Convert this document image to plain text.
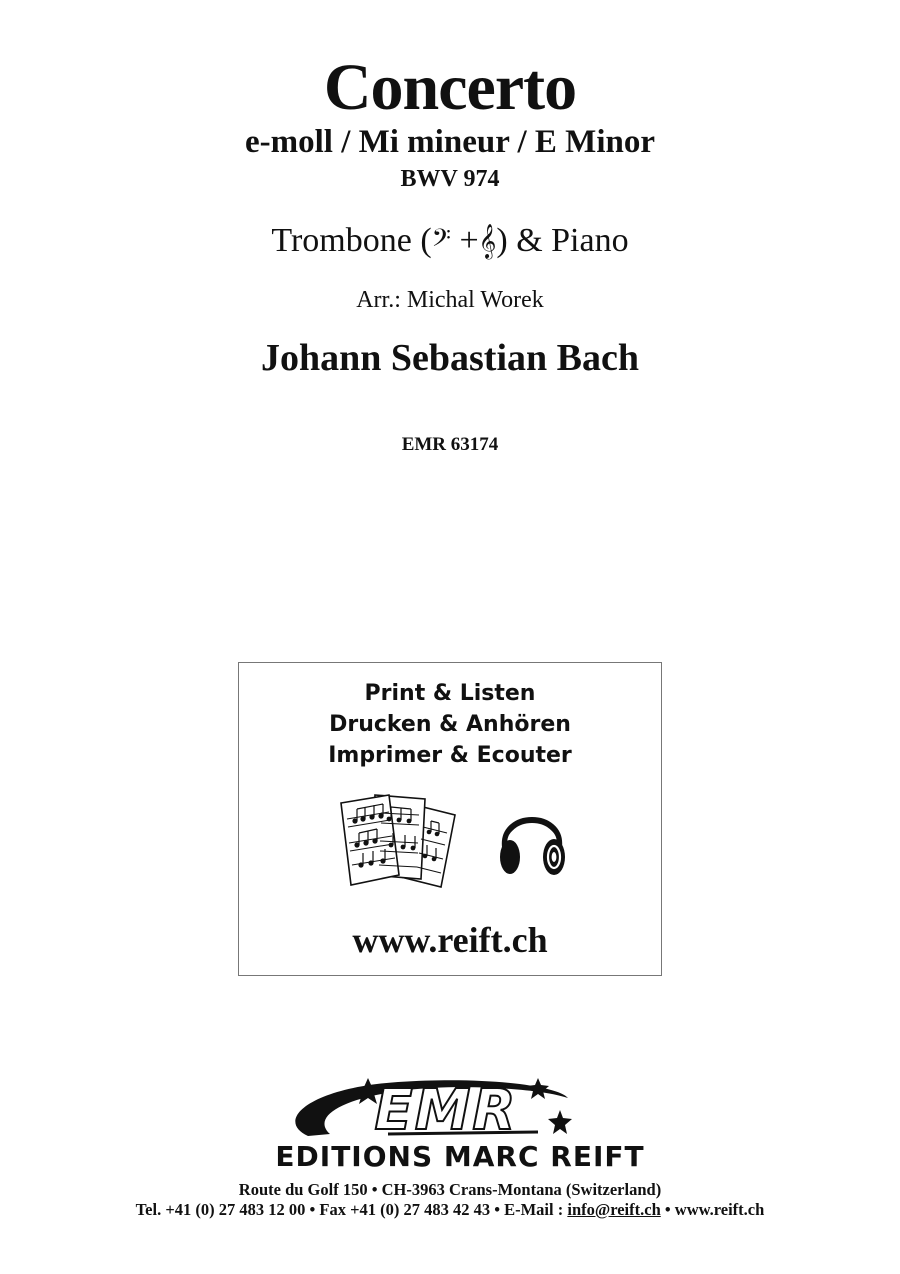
Concerto
e-moll / Mi mineur / E Minor
BWV 974
Trombone (𝄢 +𝄞) & Piano
Arr.: Michal Worek
Johann Sebastian Bach
EMR 63174
Print & Listen
Drucken & Anhören
Imprimer & Ecouter
www.reift.ch
EMR
EDITIONS MARC REIFT
Route du Golf 150 • CH-3963 Crans-Montana (Switzerland)
Tel. +41 (0) 27 483 12 00 • Fax +41 (0) 27 483 42 43 • E-Mail : info@reift.ch • www.reift.ch
